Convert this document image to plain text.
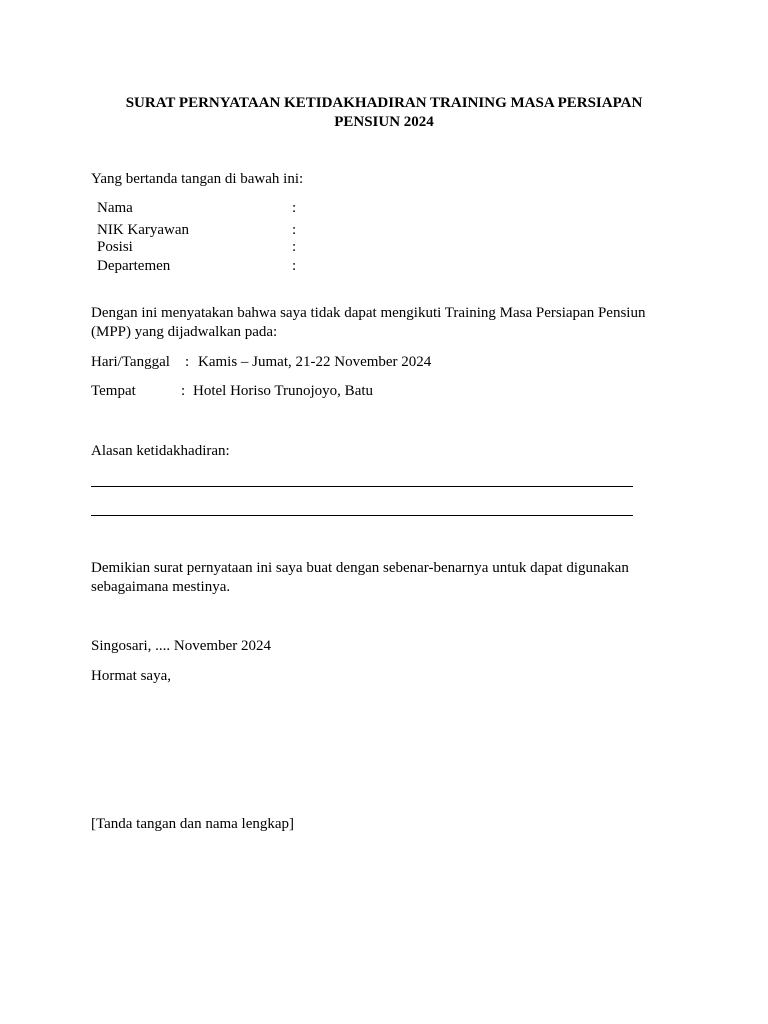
SURAT PERNYATAAN KETIDAKHADIRAN TRAINING MASA PERSIAPAN
PENSIUN 2024
Yang bertanda tangan di bawah ini:
Nama	:
NIK Karyawan	:
Posisi	:
Departemen	:
Dengan ini menyatakan bahwa saya tidak dapat mengikuti Training Masa Persiapan Pensiun (MPP) yang dijadwalkan pada:
Hari/Tanggal : Kamis – Jumat, 21-22 November 2024
Tempat	: Hotel Horiso Trunojoyo, Batu
Alasan ketidakhadiran:
Demikian surat pernyataan ini saya buat dengan sebenar-benarnya untuk dapat digunakan sebagaimana mestinya.
Singosari, .... November 2024
Hormat saya,
[Tanda tangan dan nama lengkap]
